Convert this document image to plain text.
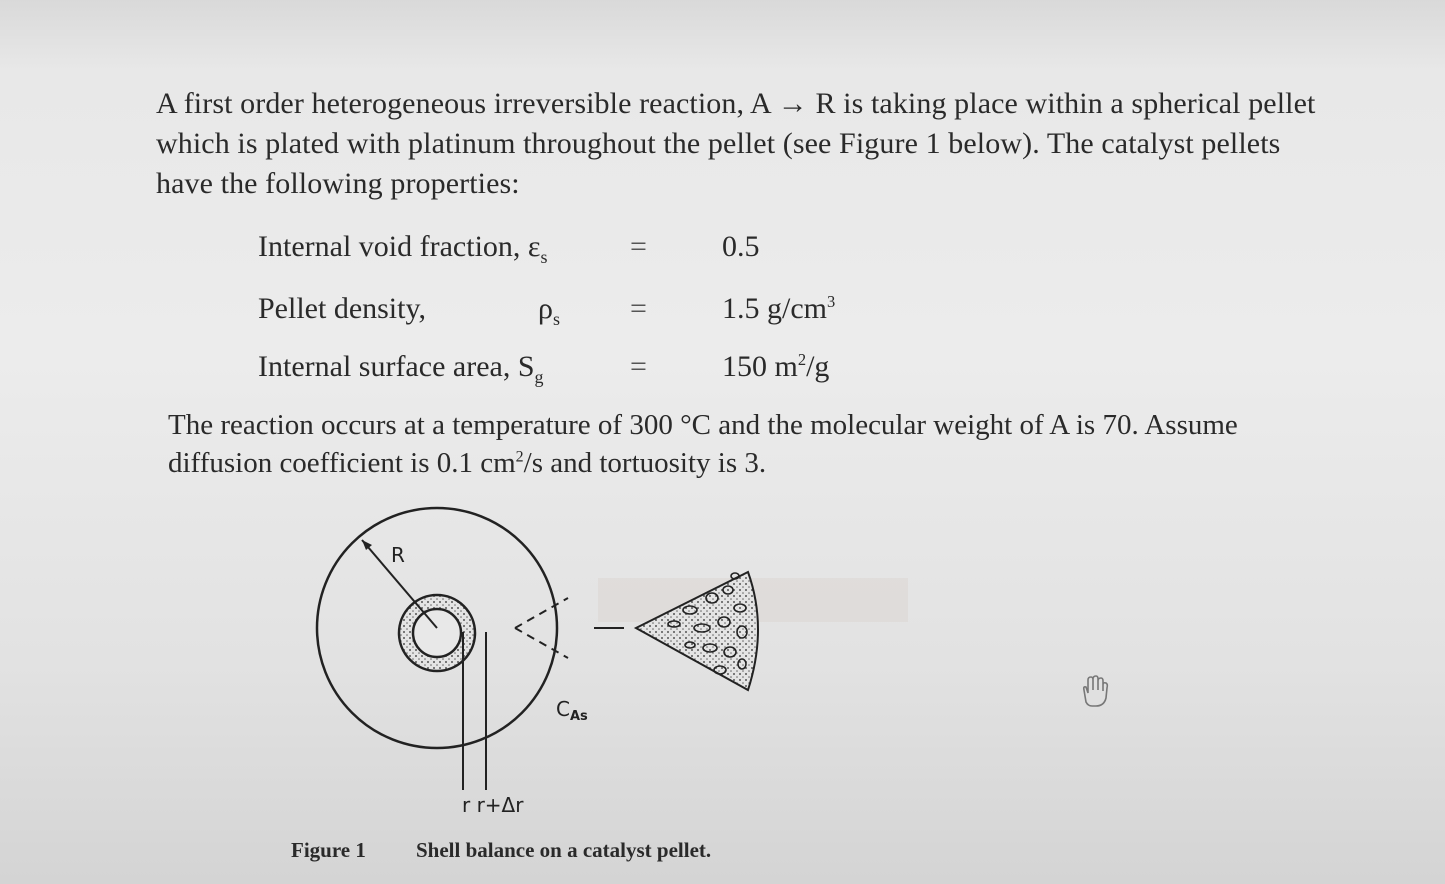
A first order heterogeneous irreversible reaction, A → R is taking place within a spherical pellet

which is plated with platinum throughout the pellet (see Figure 1 below). The catalyst pellets

have the following properties:

Internal void fraction, $\varepsilon_s$	=	0.5
Pellet density,	$\rho_s$ =	1.5 $g/cm^3$
Internal surface area, $S_g$	=	150 $m^2/g$

The reaction occurs at a temperature of 300 °C and the molecular weight of A is 70. Assume

diffusion coefficient is 0.1 $cm^2/s$ and tortuosity is 3.

R
r r+Δr
$C_{As}$
Figure 1 Shell balance on a catalyst pellet.
